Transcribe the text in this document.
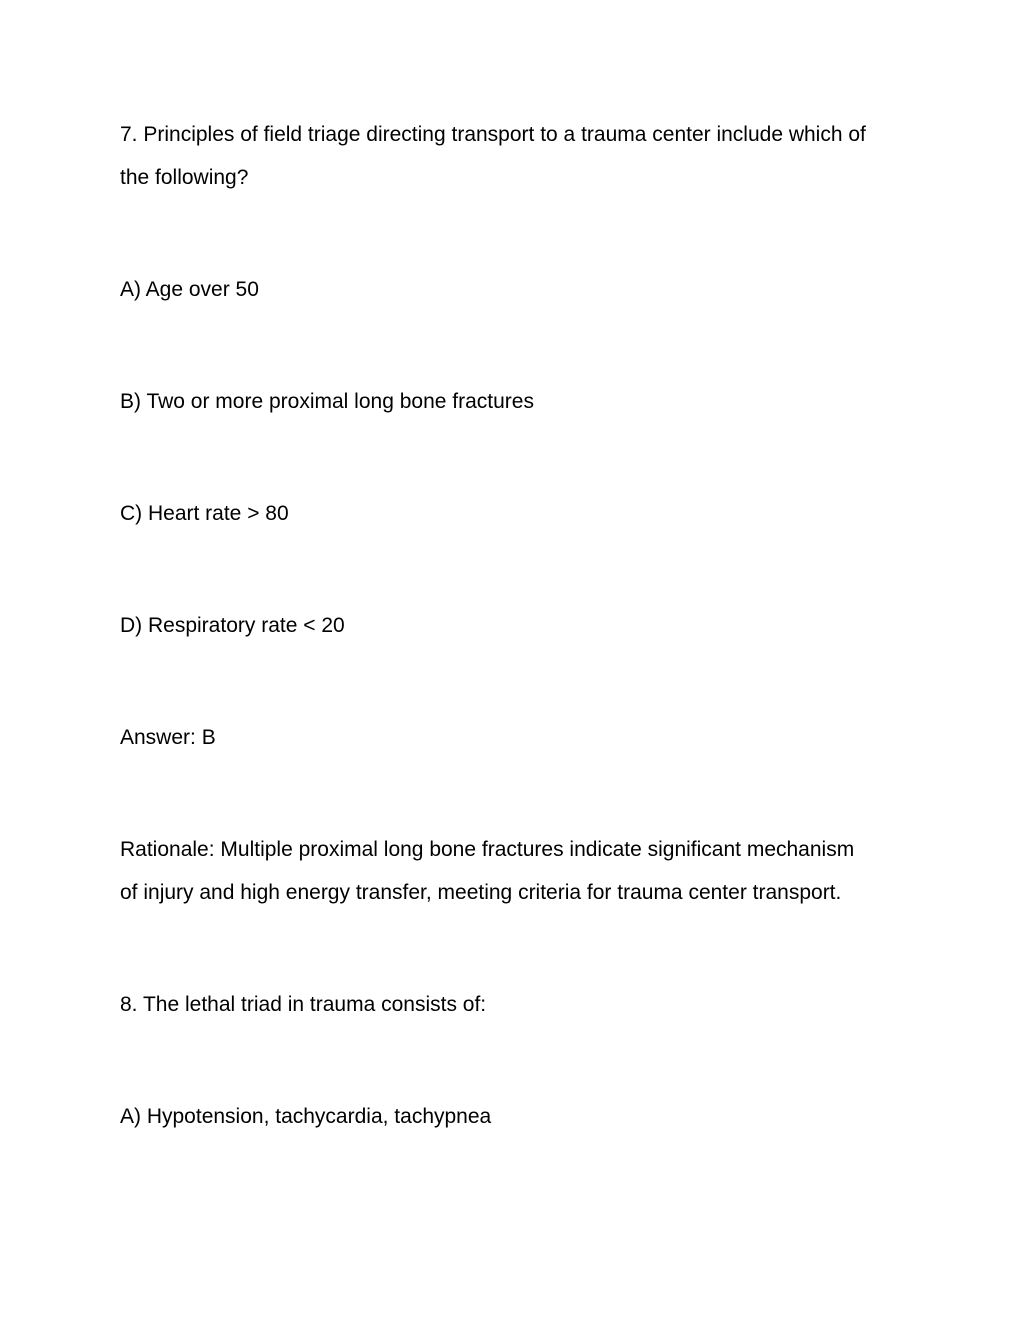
7. Principles of field triage directing transport to a trauma center include which of
the following?
A) Age over 50
B) Two or more proximal long bone fractures
C) Heart rate > 80
D) Respiratory rate < 20
Answer: B
Rationale: Multiple proximal long bone fractures indicate significant mechanism
of injury and high energy transfer, meeting criteria for trauma center transport.
8. The lethal triad in trauma consists of:
A) Hypotension, tachycardia, tachypnea
